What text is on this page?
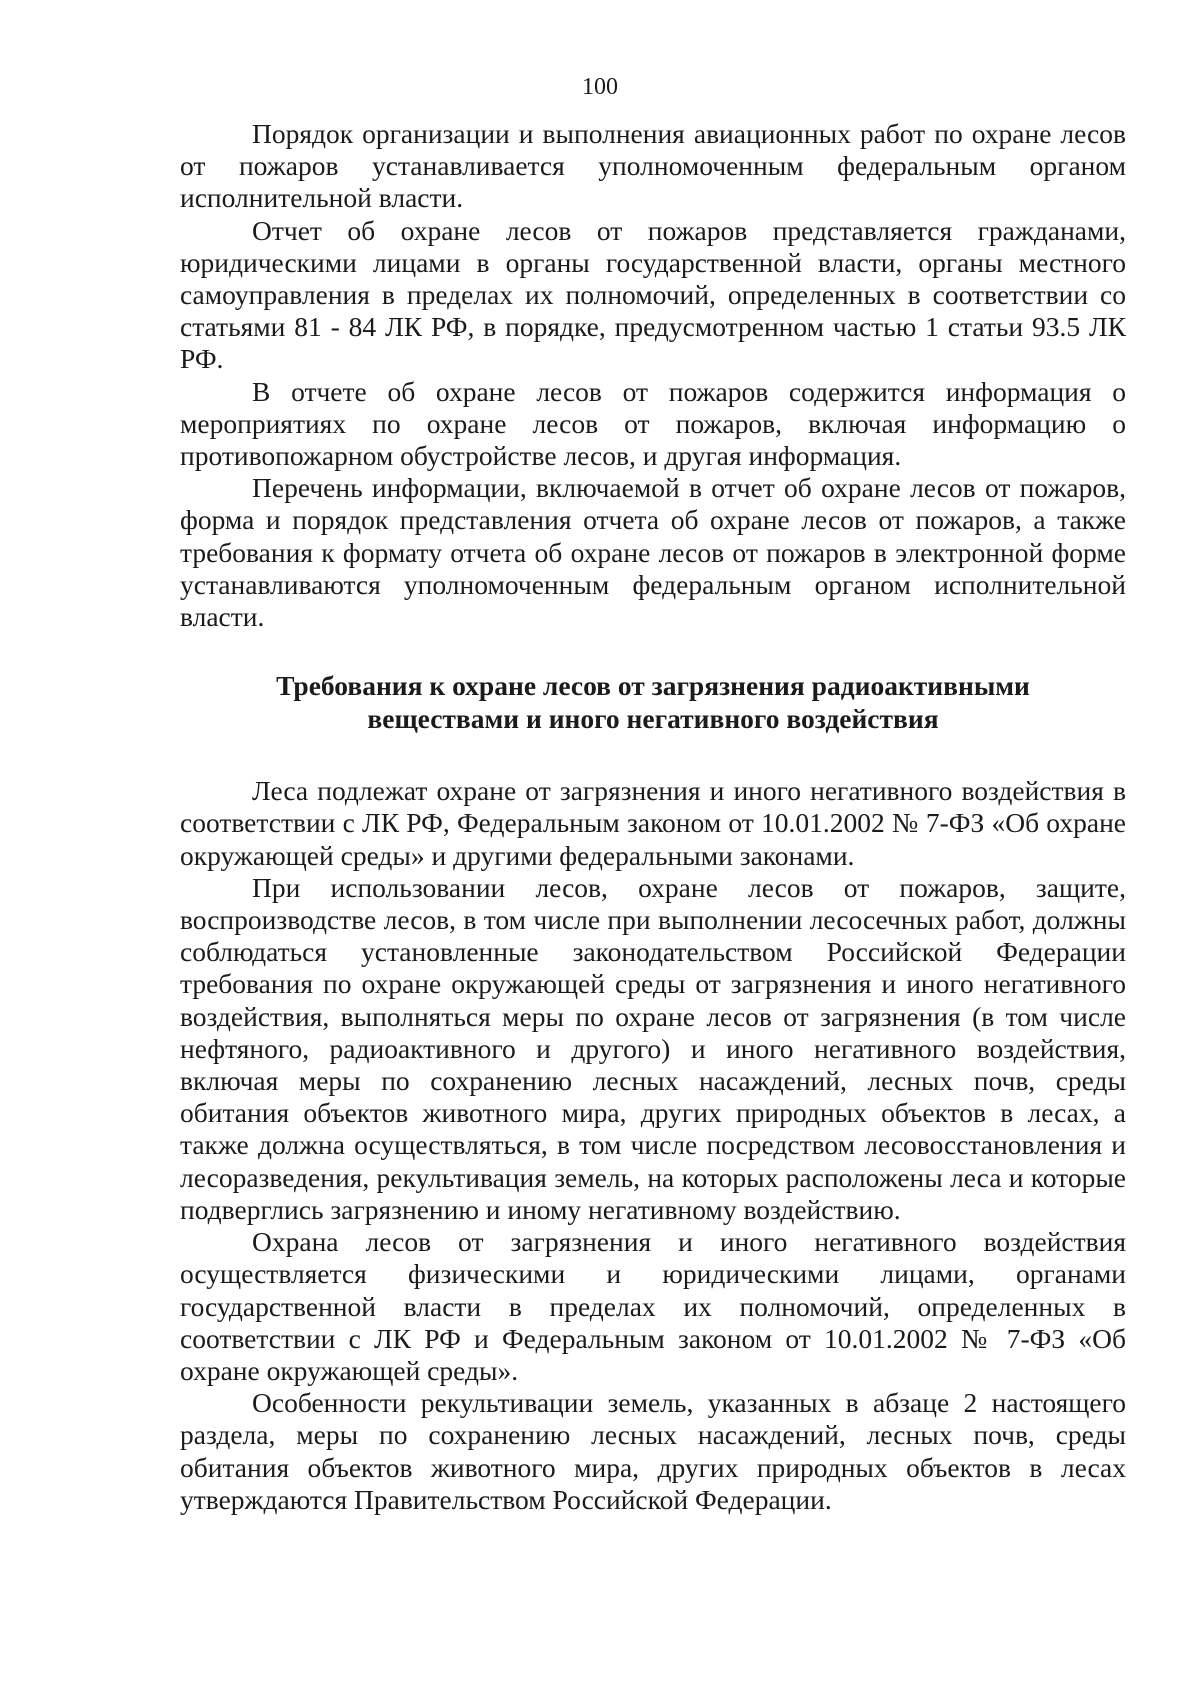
100

Порядок организации и выполнения авиационных работ по охране лесов от пожаров устанавливается уполномоченным федеральным органом исполнительной власти.

Отчет об охране лесов от пожаров представляется гражданами, юридическими лицами в органы государственной власти, органы местного самоуправления в пределах их полномочий, определенных в соответствии со статьями 81 - 84 ЛК РФ, в порядке, предусмотренном частью 1 статьи 93.5 ЛК РФ.

В отчете об охране лесов от пожаров содержится информация о мероприятиях по охране лесов от пожаров, включая информацию о противопожарном обустройстве лесов, и другая информация.

Перечень информации, включаемой в отчет об охране лесов от пожаров, форма и порядок представления отчета об охране лесов от пожаров, а также требования к формату отчета об охране лесов от пожаров в электронной форме устанавливаются уполномоченным федеральным органом исполнительной власти.

Требования к охране лесов от загрязнения радиоактивными
веществами и иного негативного воздействия

Леса подлежат охране от загрязнения и иного негативного воздействия в соответствии с ЛК РФ, Федеральным законом от 10.01.2002 № 7-ФЗ «Об охране окружающей среды» и другими федеральными законами.

При использовании лесов, охране лесов от пожаров, защите, воспроизводстве лесов, в том числе при выполнении лесосечных работ, должны соблюдаться установленные законодательством Российской Федерации требования по охране окружающей среды от загрязнения и иного негативного воздействия, выполняться меры по охране лесов от загрязнения (в том числе нефтяного, радиоактивного и другого) и иного негативного воздействия, включая меры по сохранению лесных насаждений, лесных почв, среды обитания объектов животного мира, других природных объектов в лесах, а также должна осуществляться, в том числе посредством лесовосстановления и лесоразведения, рекультивация земель, на которых расположены леса и которые подверглись загрязнению и иному негативному воздействию.

Охрана лесов от загрязнения и иного негативного воздействия осуществляется физическими и юридическими лицами, органами государственной власти в пределах их полномочий, определенных в соответствии с ЛК РФ и Федеральным законом от 10.01.2002 № 7-ФЗ «Об охране окружающей среды».

Особенности рекультивации земель, указанных в абзаце 2 настоящего раздела, меры по сохранению лесных насаждений, лесных почв, среды обитания объектов животного мира, других природных объектов в лесах утверждаются Правительством Российской Федерации.
